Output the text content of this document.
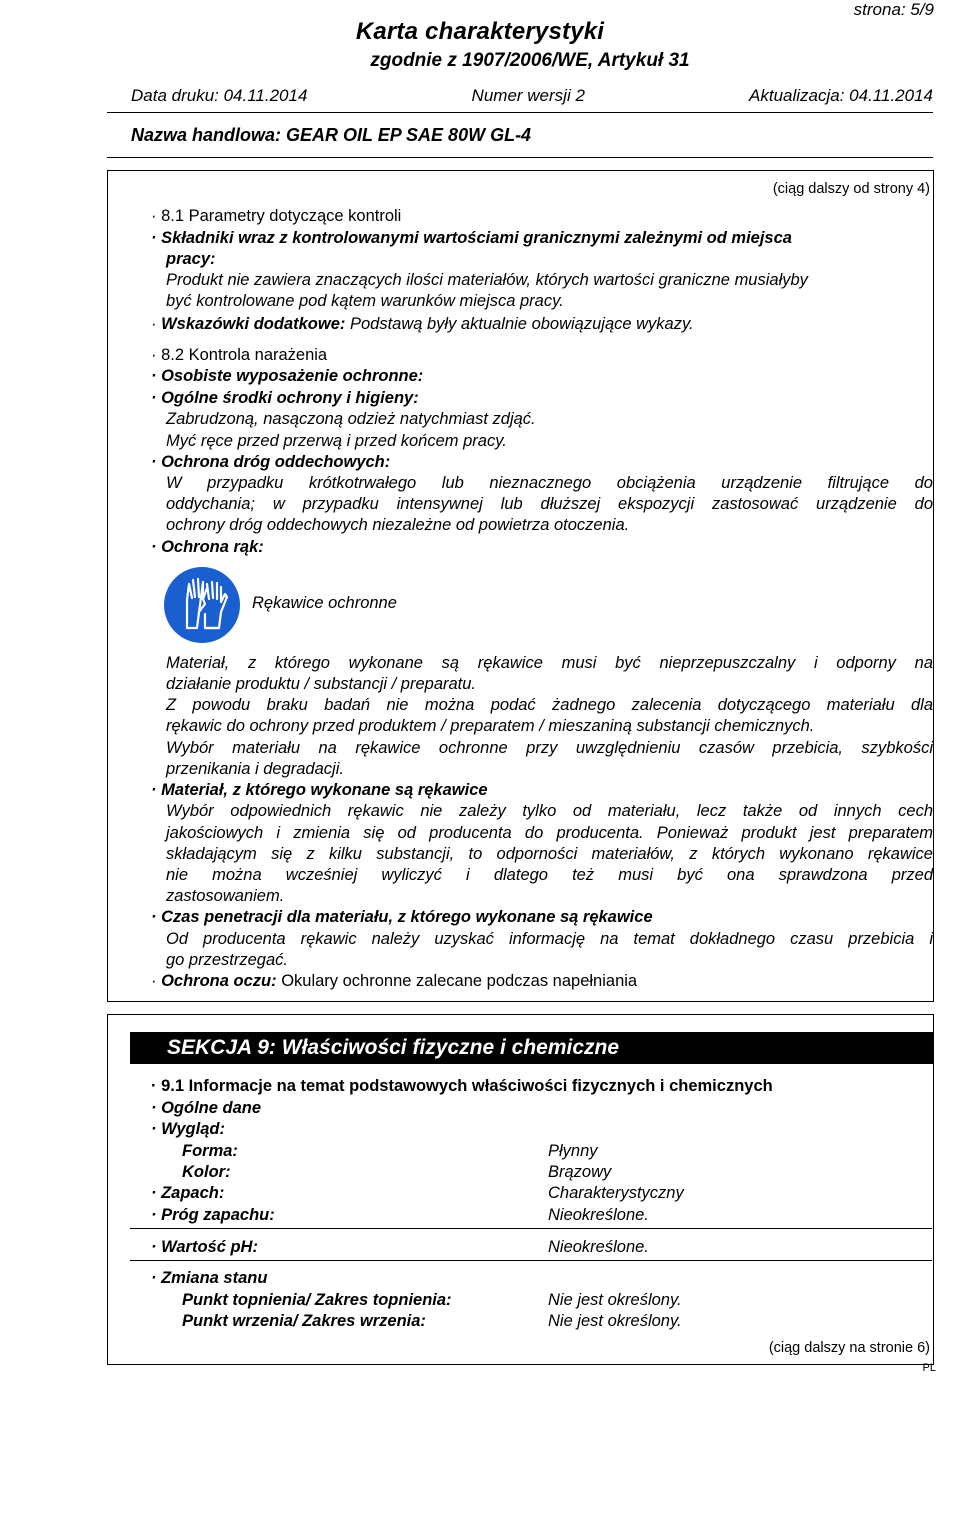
strona: 5/9
Karta charakterystyki
zgodnie z 1907/2006/WE, Artykuł 31
Data druku: 04.11.2014	Numer wersji 2	Aktualizacja: 04.11.2014
Nazwa handlowa: GEAR OIL EP SAE 80W GL-4
(ciąg dalszy od strony 4)
· 8.1 Parametry dotyczące kontroli
· Składniki wraz z kontrolowanymi wartościami granicznymi zależnymi od miejsca
pracy:
Produkt nie zawiera znaczących ilości materiałów, których wartości graniczne musiałyby
być kontrolowane pod kątem warunków miejsca pracy.
· Wskazówki dodatkowe: Podstawą były aktualnie obowiązujące wykazy.
· 8.2 Kontrola narażenia
· Osobiste wyposażenie ochronne:
· Ogólne środki ochrony i higieny:
Zabrudzoną, nasączoną odzież natychmiast zdjąć.
Myć ręce przed przerwą i przed końcem pracy.
· Ochrona dróg oddechowych:
W przypadku krótkotrwałego lub nieznacznego obciążenia urządzenie filtrujące do
oddychania; w przypadku intensywnej lub dłuższej ekspozycji zastosować urządzenie do
ochrony dróg oddechowych niezależne od powietrza otoczenia.
· Ochrona rąk:
Rękawice ochronne
Materiał, z którego wykonane są rękawice musi być nieprzepuszczalny i odporny na
działanie produktu / substancji / preparatu.
Z powodu braku badań nie można podać żadnego zalecenia dotyczącego materiału dla
rękawic do ochrony przed produktem / preparatem / mieszaniną substancji chemicznych.
Wybór materiału na rękawice ochronne przy uwzględnieniu czasów przebicia, szybkości
przenikania i degradacji.
· Materiał, z którego wykonane są rękawice
Wybór odpowiednich rękawic nie zależy tylko od materiału, lecz także od innych cech
jakościowych i zmienia się od producenta do producenta. Ponieważ produkt jest preparatem
składającym się z kilku substancji, to odporności materiałów, z których wykonano rękawice
nie można wcześniej wyliczyć i dlatego też musi być ona sprawdzona przed
zastosowaniem.
· Czas penetracji dla materiału, z którego wykonane są rękawice
Od producenta rękawic należy uzyskać informację na temat dokładnego czasu przebicia i
go przestrzegać.
· Ochrona oczu: Okulary ochronne zalecane podczas napełniania
SEKCJA 9: Właściwości fizyczne i chemiczne
· 9.1 Informacje na temat podstawowych właściwości fizycznych i chemicznych
· Ogólne dane
· Wygląd:
Forma:	Płynny
Kolor:	Brązowy
· Zapach:	Charakterystyczny
· Próg zapachu:	Nieokreślone.
· Wartość pH:	Nieokreślone.
· Zmiana stanu
Punkt topnienia/ Zakres topnienia:	Nie jest określony.
Punkt wrzenia/ Zakres wrzenia:	Nie jest określony.
(ciąg dalszy na stronie 6)
PL
